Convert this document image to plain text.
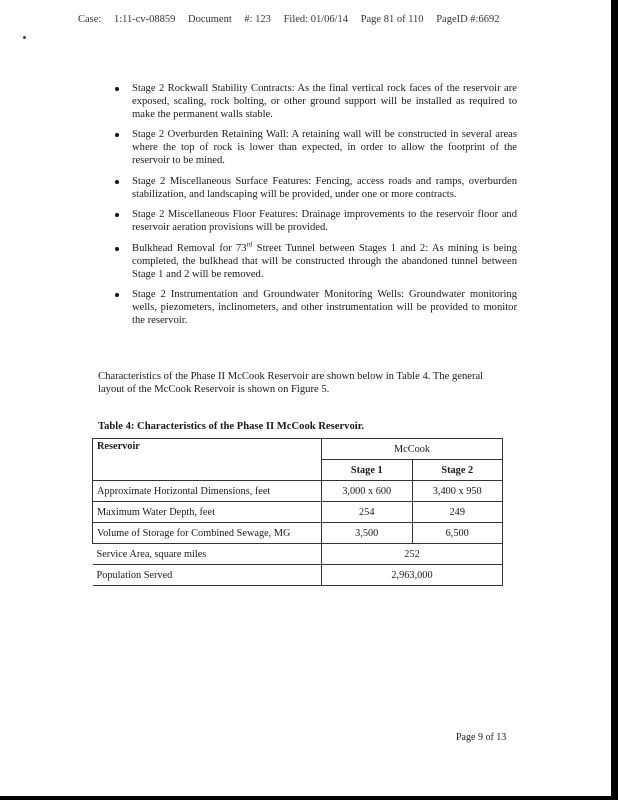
Case: 1:11-cv-08859 Document #: 123 Filed: 01/06/14 Page 81 of 110 PageID #:6692
Stage 2 Rockwall Stability Contracts: As the final vertical rock faces of the reservoir are exposed, scaling, rock bolting, or other ground support will be installed as required to make the permanent walls stable.
Stage 2 Overburden Retaining Wall: A retaining wall will be constructed in several areas where the top of rock is lower than expected, in order to allow the footprint of the reservoir to be mined.
Stage 2 Miscellaneous Surface Features: Fencing, access roads and ramps, overburden stabilization, and landscaping will be provided, under one or more contracts.
Stage 2 Miscellaneous Floor Features: Drainage improvements to the reservoir floor and reservoir aeration provisions will be provided.
Bulkhead Removal for 73rd Street Tunnel between Stages 1 and 2: As mining is being completed, the bulkhead that will be constructed through the abandoned tunnel between Stage 1 and 2 will be removed.
Stage 2 Instrumentation and Groundwater Monitoring Wells: Groundwater monitoring wells, piezometers, inclinometers, and other instrumentation will be provided to monitor the reservoir.
Characteristics of the Phase II McCook Reservoir are shown below in Table 4. The general layout of the McCook Reservoir is shown on Figure 5.
Table 4: Characteristics of the Phase II McCook Reservoir.
Reservoir	McCook	
	Stage 1	Stage 2
Approximate Horizontal Dimensions, feet	3,000 x 600	3,400 x 950
Maximum Water Depth, feet	254	249
Volume of Storage for Combined Sewage, MG	3,500	6,500
Service Area, square miles	252	
Population Served	2,963,000	
Page 9 of 13
